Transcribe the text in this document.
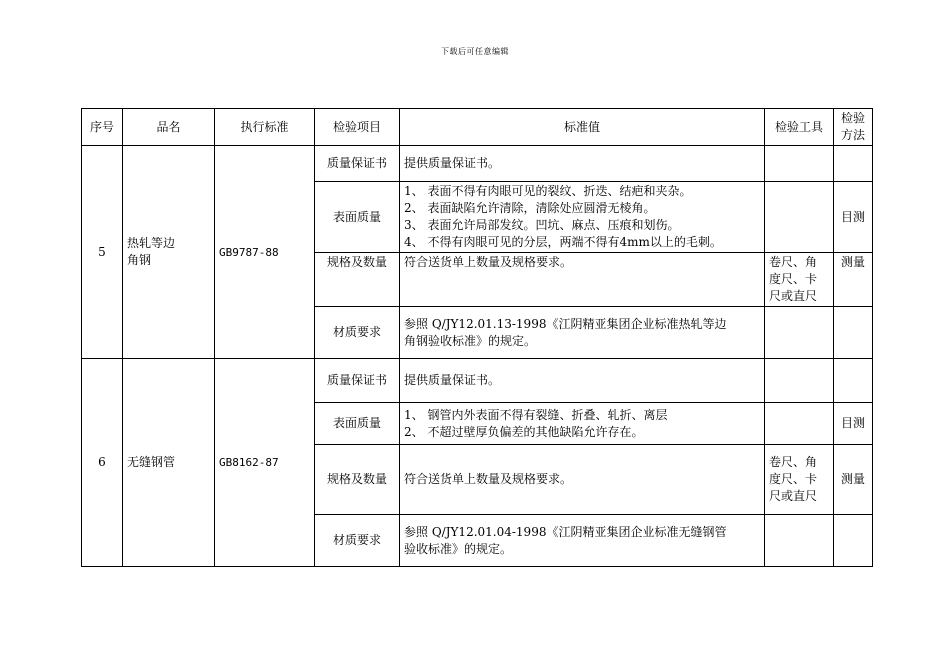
下载后可任意编辑
序号	品名	执行标准	检验项目	标准值	检验工具	检验
方法

5	热轧等边
角钢	GB9787-88	质量保证书	提供质量保证书。		

			表面质量	1、 表面不得有肉眼可见的裂纹、折迭、结疤和夹杂。
2、 表面缺陷允许清除，清除处应圆滑无棱角。
3、 表面允许局部发纹。凹坑、麻点、压痕和划伤。
4、 不得有肉眼可见的分层，两端不得有4mm以上的毛刺。		目测
			规格及数量	符合送货单上数量及规格要求。	卷尺、角
度尺、卡
尺或直尺	测量
			材质要求	参照 Q/JY12.01.13-1998《江阴精亚集团企业标准热轧等边
角钢验收标准》的规定。		

6	无缝钢管	GB8162-87	质量保证书	提供质量保证书。		

			表面质量	1、 钢管内外表面不得有裂缝、折叠、轧折、离层
2、 不超过壁厚负偏差的其他缺陷允许存在。		目测
			规格及数量	符合送货单上数量及规格要求。	卷尺、角
度尺、卡
尺或直尺	测量
			材质要求	参照 Q/JY12.01.04-1998《江阴精亚集团企业标准无缝钢管
验收标准》的规定。		
